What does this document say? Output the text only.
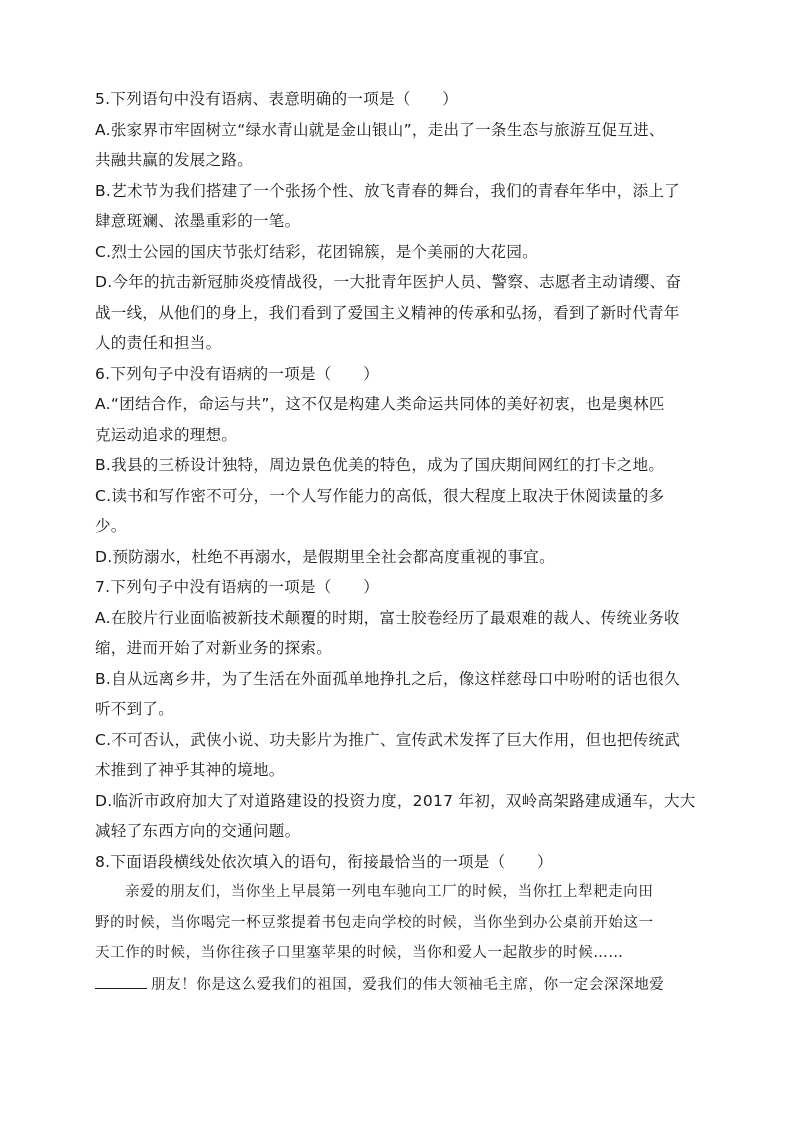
5.下列语句中没有语病、表意明确的一项是（　　）
A.张家界市牢固树立“绿水青山就是金山银山”，走出了一条生态与旅游互促互进、
共融共赢的发展之路。
B.艺术节为我们搭建了一个张扬个性、放飞青春的舞台，我们的青春年华中，添上了
肆意斑斓、浓墨重彩的一笔。
C.烈士公园的国庆节张灯结彩，花团锦簇，是个美丽的大花园。
D.今年的抗击新冠肺炎疫情战役，一大批青年医护人员、警察、志愿者主动请缨、奋
战一线，从他们的身上，我们看到了爱国主义精神的传承和弘扬，看到了新时代青年
人的责任和担当。
6.下列句子中没有语病的一项是（　　）
A.“团结合作，命运与共”，这不仅是构建人类命运共同体的美好初衷，也是奥林匹
克运动追求的理想。
B.我县的三桥设计独特，周边景色优美的特色，成为了国庆期间网红的打卡之地。
C.读书和写作密不可分，一个人写作能力的高低，很大程度上取决于休阅读量的多
少。
D.预防溺水，杜绝不再溺水，是假期里全社会都高度重视的事宜。
7.下列句子中没有语病的一项是（　　）
A.在胶片行业面临被新技术颠覆的时期，富士胶卷经历了最艰难的裁人、传统业务收
缩，进而开始了对新业务的探索。
B.自从远离乡井，为了生活在外面孤单地挣扎之后，像这样慈母口中吩咐的话也很久
听不到了。
C.不可否认，武侠小说、功夫影片为推广、宣传武术发挥了巨大作用，但也把传统武
术推到了神乎其神的境地。
D.临沂市政府加大了对道路建设的投资力度，2017 年初，双岭高架路建成通车，大大
减轻了东西方向的交通问题。
8.下面语段横线处依次填入的语句，衔接最恰当的一项是（　　）
亲爱的朋友们，当你坐上早晨第一列电车驰向工厂的时候，当你扛上犁耙走向田
野的时候，当你喝完一杯豆浆提着书包走向学校的时候，当你坐到办公桌前开始这一
天工作的时候，当你往孩子口里塞苹果的时候，当你和爱人一起散步的时候……
朋友！你是这么爱我们的祖国，爱我们的伟大领袖毛主席，你一定会深深地爱
